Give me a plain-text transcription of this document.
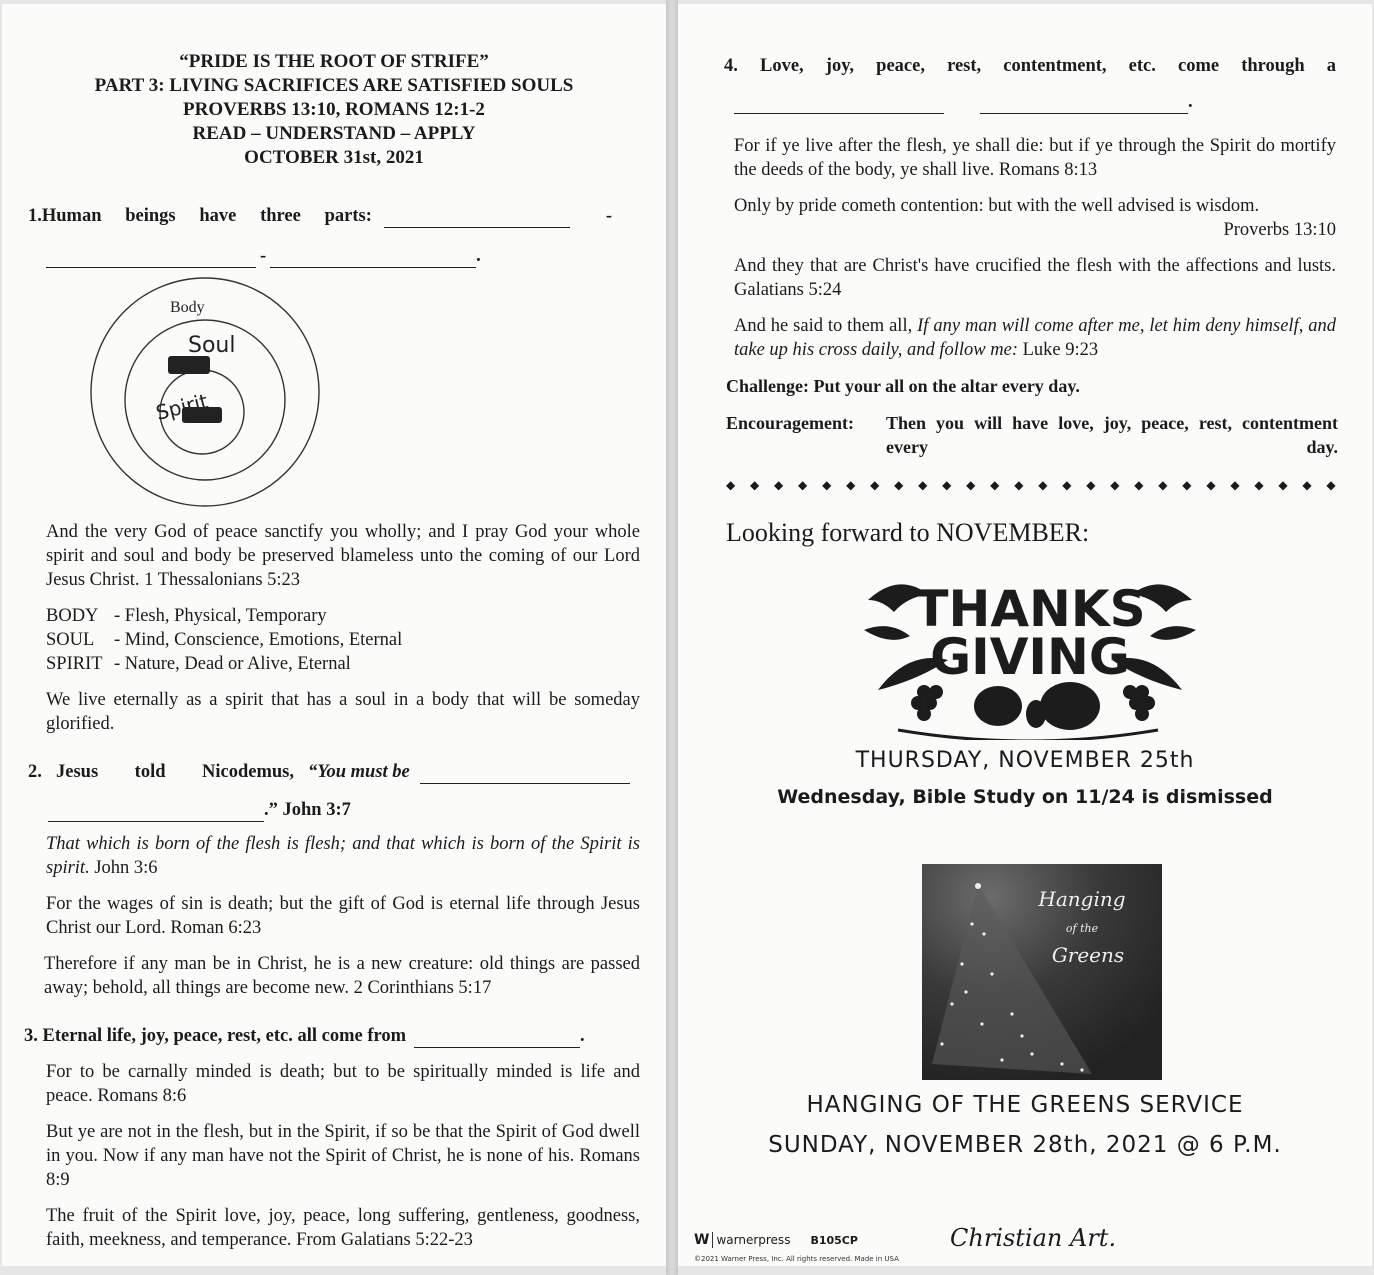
“PRIDE IS THE ROOT OF STRIFE”
PART 3: LIVING SACRIFICES ARE SATISFIED SOULS
PROVERBS 13:10, ROMANS 12:1-2
READ – UNDERSTAND – APPLY
OCTOBER 31st, 2021
1. Human beings have three parts:	-
-	.
Body
Soul
Spirit
And the very God of peace sanctify you wholly; and I pray God your whole spirit and soul and body be preserved blameless unto the coming of our Lord Jesus Christ. 1 Thessalonians 5:23
BODY - Flesh, Physical, Temporary
SOUL	- Mind, Conscience, Emotions, Eternal
SPIRIT - Nature, Dead or Alive, Eternal
We live eternally as a spirit that has a soul in a body that will be someday glorified.
2. Jesus told Nicodemus, “You must be
.” John 3:7
That which is born of the flesh is flesh; and that which is born of the Spirit is spirit. John 3:6
For the wages of sin is death; but the gift of God is eternal life through Jesus Christ our Lord. Roman 6:23
Therefore if any man be in Christ, he is a new creature: old things are passed away; behold, all things are become new. 2 Corinthians 5:17
3. Eternal life, joy, peace, rest, etc. all come from	.
For to be carnally minded is death; but to be spiritually minded is life and peace. Romans 8:6
But ye are not in the flesh, but in the Spirit, if so be that the Spirit of God dwell in you. Now if any man have not the Spirit of Christ, he is none of his. Romans 8:9
The fruit of the Spirit love, joy, peace, long suffering, gentleness, goodness, faith, meekness, and temperance. From Galatians 5:22-23
4. Love, joy, peace, rest, contentment, etc. come through a
.
For if ye live after the flesh, ye shall die: but if ye through the Spirit do mortify the deeds of the body, ye shall live. Romans 8:13
Only by pride cometh contention: but with the well advised is wisdom.
Proverbs 13:10
And they that are Christ's have crucified the flesh with the affections and lusts. Galatians 5:24
And he said to them all, If any man will come after me, let him deny himself, and take up his cross daily, and follow me: Luke 9:23
Challenge: Put your all on the altar every day.
Encouragement:	Then you will have love, joy, peace, rest, contentment every day.
◆ ◆ ◆ ◆ ◆ ◆ ◆ ◆ ◆ ◆ ◆ ◆ ◆ ◆ ◆ ◆ ◆ ◆ ◆ ◆ ◆ ◆ ◆ ◆ ◆ ◆
Looking forward to NOVEMBER:
THANKS
GIVING
THURSDAY, NOVEMBER 25th
Wednesday, Bible Study on 11/24 is dismissed
Hanging
of the
Greens
HANGING OF THE GREENS SERVICE
SUNDAY, NOVEMBER 28th, 2021 @ 6 P.M.
W warnerpress B105CP
©2021 Warner Press, Inc. All rights reserved. Made in USA
Christian Art.
